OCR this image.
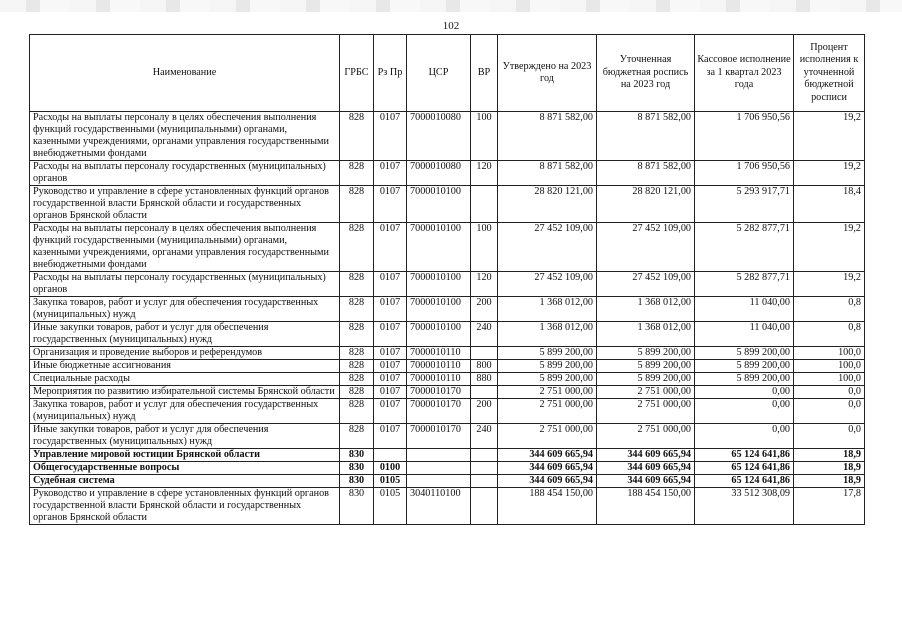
102
Наименование	ГРБС	Рз Пр	ЦСР	ВР	Утверждено на 2023 год	Уточненная бюджетная роспись на 2023 год	Кассовое исполнение за 1 квартал 2023 года	Процент исполнения к уточненной бюджетной росписи
Расходы на выплаты персоналу в целях обеспечения выполнения функций государственными (муниципальными) органами, казенными учреждениями, органами управления государственными внебюджетными фондами	828	0107	7000010080	100	8 871 582,00	8 871 582,00	1 706 950,56	19,2
Расходы на выплаты персоналу государственных (муниципальных) органов	828	0107	7000010080	120	8 871 582,00	8 871 582,00	1 706 950,56	19,2
Руководство и управление в сфере установленных функций органов государственной власти Брянской области и государственных органов Брянской области	828	0107	7000010100		28 820 121,00	28 820 121,00	5 293 917,71	18,4
Расходы на выплаты персоналу в целях обеспечения выполнения функций государственными (муниципальными) органами, казенными учреждениями, органами управления государственными внебюджетными фондами	828	0107	7000010100	100	27 452 109,00	27 452 109,00	5 282 877,71	19,2
Расходы на выплаты персоналу государственных (муниципальных) органов	828	0107	7000010100	120	27 452 109,00	27 452 109,00	5 282 877,71	19,2
Закупка товаров, работ и услуг для обеспечения государственных (муниципальных) нужд	828	0107	7000010100	200	1 368 012,00	1 368 012,00	11 040,00	0,8
Иные закупки товаров, работ и услуг для обеспечения государственных (муниципальных) нужд	828	0107	7000010100	240	1 368 012,00	1 368 012,00	11 040,00	0,8
Организация и проведение выборов и референдумов	828	0107	7000010110		5 899 200,00	5 899 200,00	5 899 200,00	100,0
Иные бюджетные ассигнования	828	0107	7000010110	800	5 899 200,00	5 899 200,00	5 899 200,00	100,0
Специальные расходы	828	0107	7000010110	880	5 899 200,00	5 899 200,00	5 899 200,00	100,0
Мероприятия по развитию избирательной системы Брянской области	828	0107	7000010170		2 751 000,00	2 751 000,00	0,00	0,0
Закупка товаров, работ и услуг для обеспечения государственных (муниципальных) нужд	828	0107	7000010170	200	2 751 000,00	2 751 000,00	0,00	0,0
Иные закупки товаров, работ и услуг для обеспечения государственных (муниципальных) нужд	828	0107	7000010170	240	2 751 000,00	2 751 000,00	0,00	0,0
Управление мировой юстиции Брянской области	830				344 609 665,94	344 609 665,94	65 124 641,86	18,9
Общегосударственные вопросы	830	0100			344 609 665,94	344 609 665,94	65 124 641,86	18,9
Судебная система	830	0105			344 609 665,94	344 609 665,94	65 124 641,86	18,9
Руководство и управление в сфере установленных функций органов государственной власти Брянской области и государственных органов Брянской области	830	0105	3040110100		188 454 150,00	188 454 150,00	33 512 308,09	17,8
